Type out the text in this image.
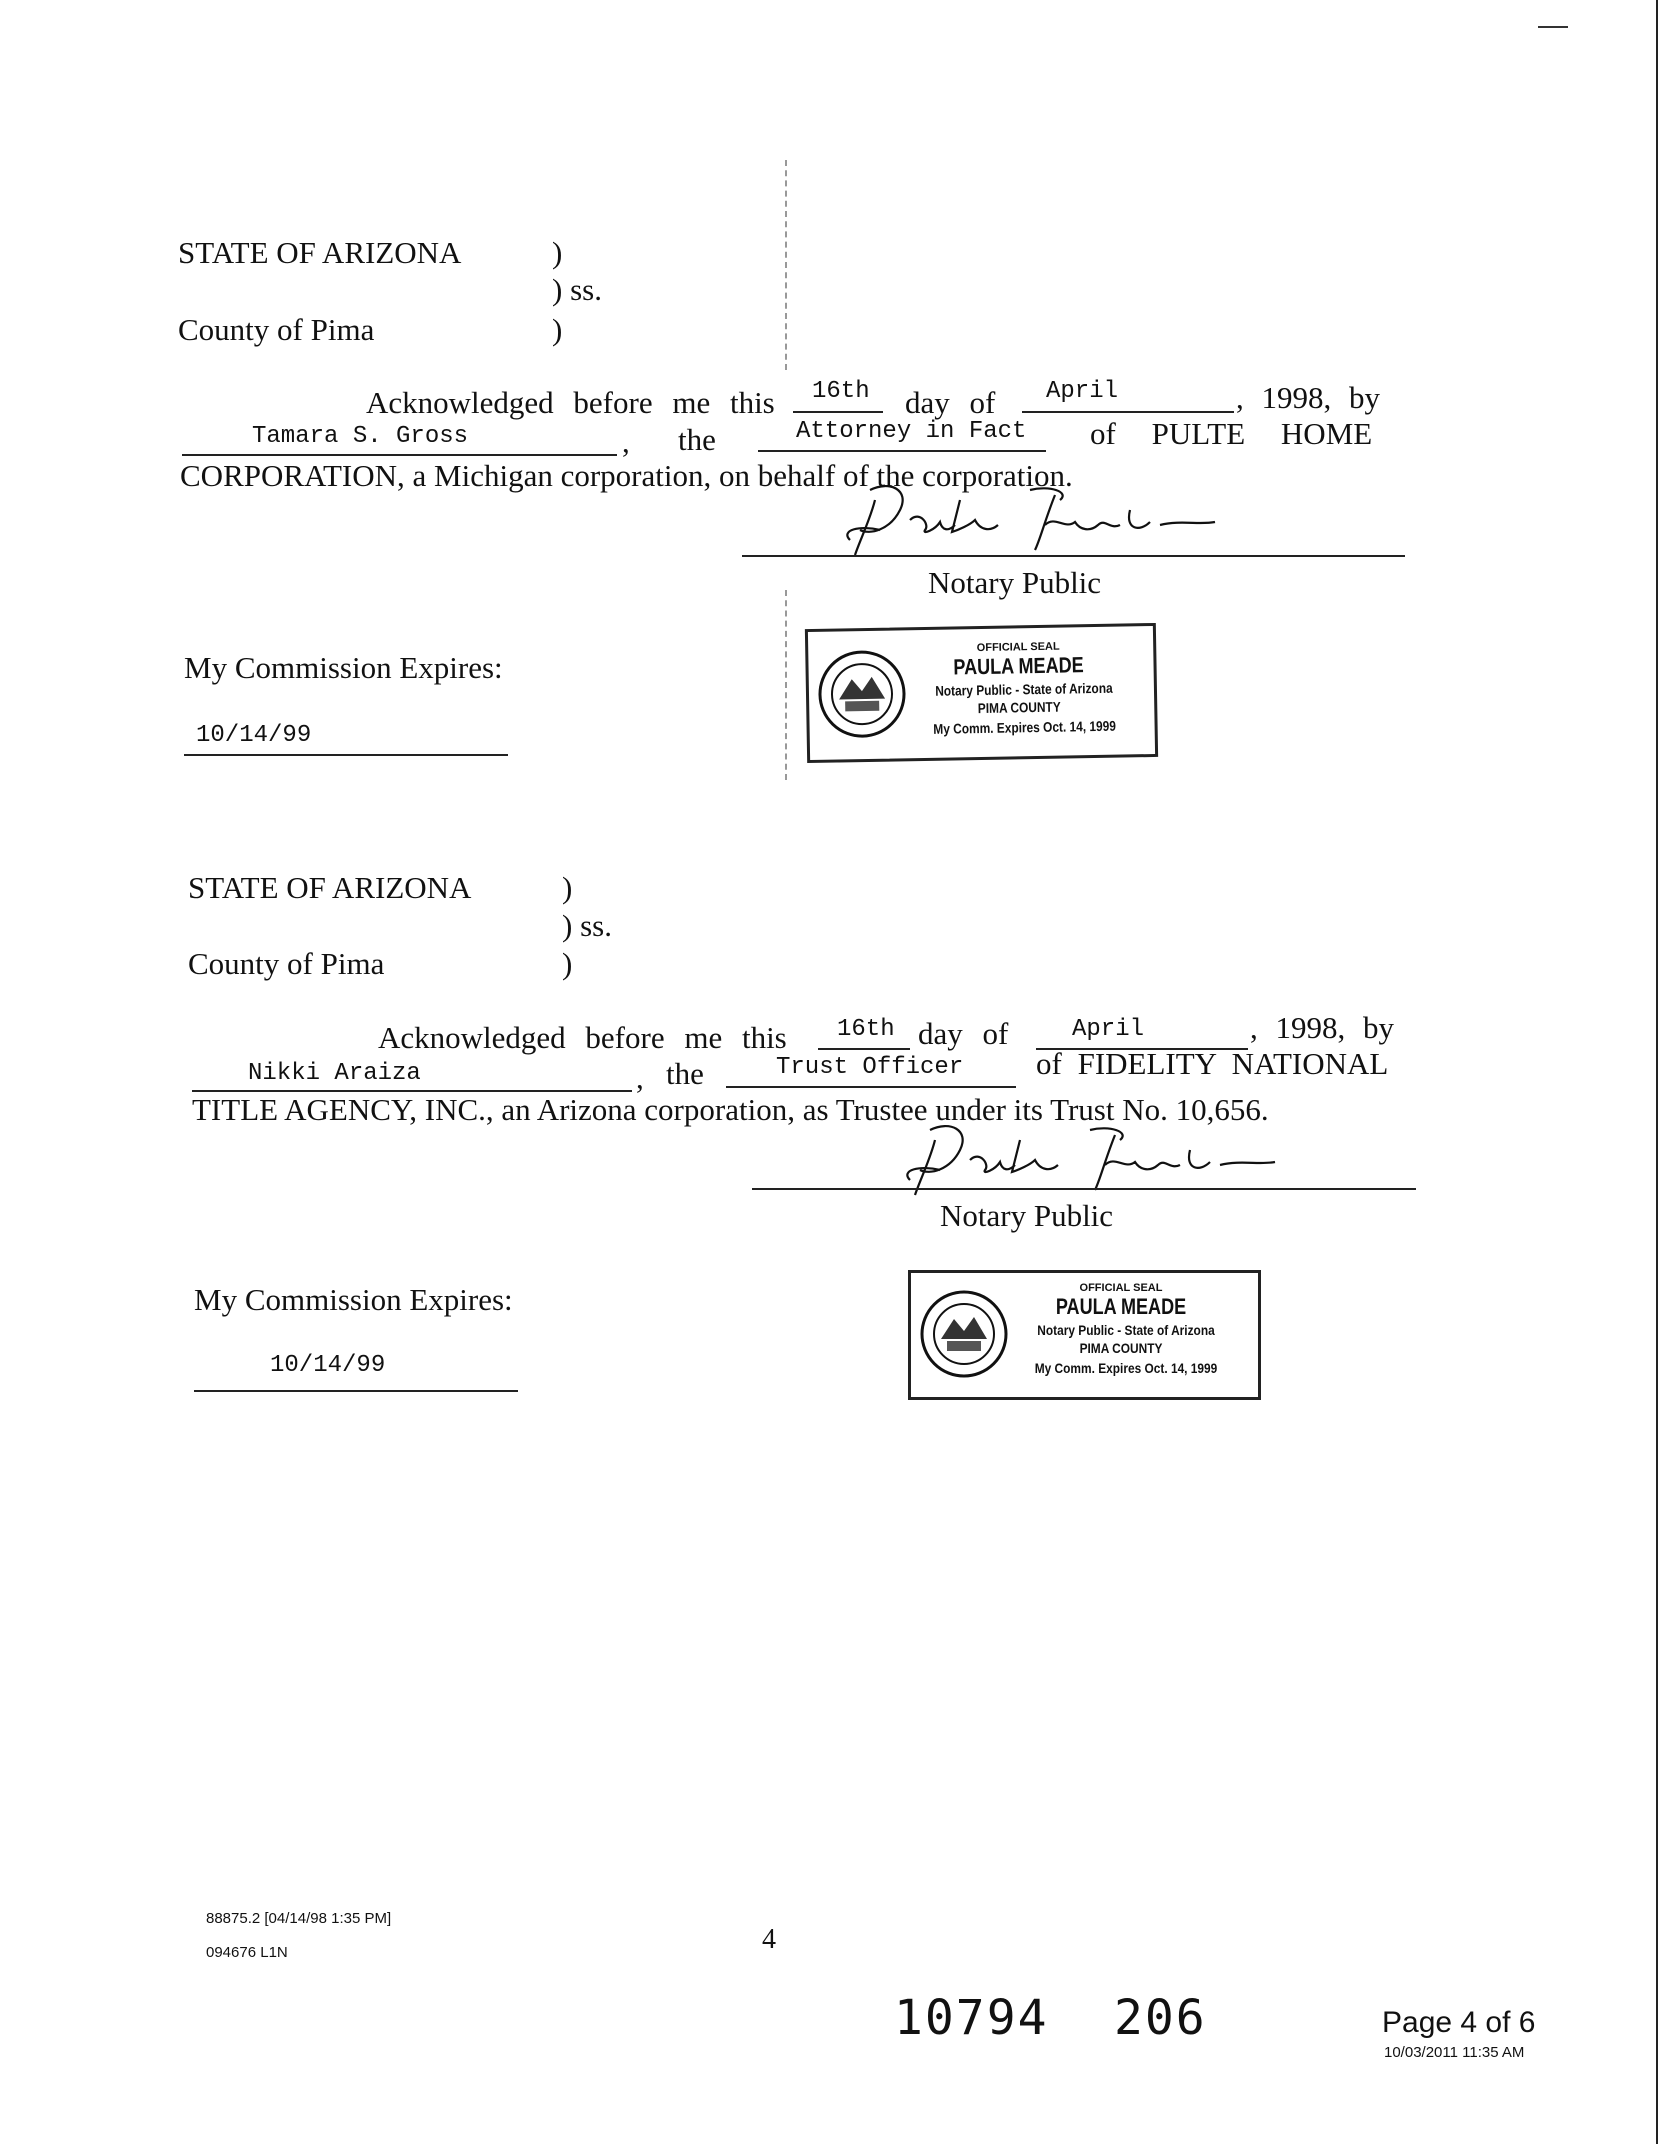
STATE OF ARIZONA	)
) ss.
County of Pima	)
Acknowledged before me this 16th day of April	, 1998, by
Tamara S. Gross	, the	Attorney in Fact of PULTE HOME
CORPORATION, a Michigan corporation, on behalf of the corporation.
Notary Public
My Commission Expires:
10/14/99
OFFICIAL SEAL
PAULA MEADE
Notary Public - State of Arizona
PIMA COUNTY
My Comm. Expires Oct. 14, 1999
STATE OF ARIZONA	)
) ss.
County of Pima	)
Acknowledged before me this 16th day of	April	, 1998, by
Nikki Araiza	, the	Trust Officer of FIDELITY NATIONAL
TITLE AGENCY, INC., an Arizona corporation, as Trustee under its Trust No. 10,656.
Notary Public
My Commission Expires:
10/14/99
OFFICIAL SEAL
PAULA MEADE
Notary Public - State of Arizona
PIMA COUNTY
My Comm. Expires Oct. 14, 1999
88875.2 [04/14/98 1:35 PM]
094676 L1N	4
10794 206	Page 4 of 6
10/03/2011 11:35 AM
